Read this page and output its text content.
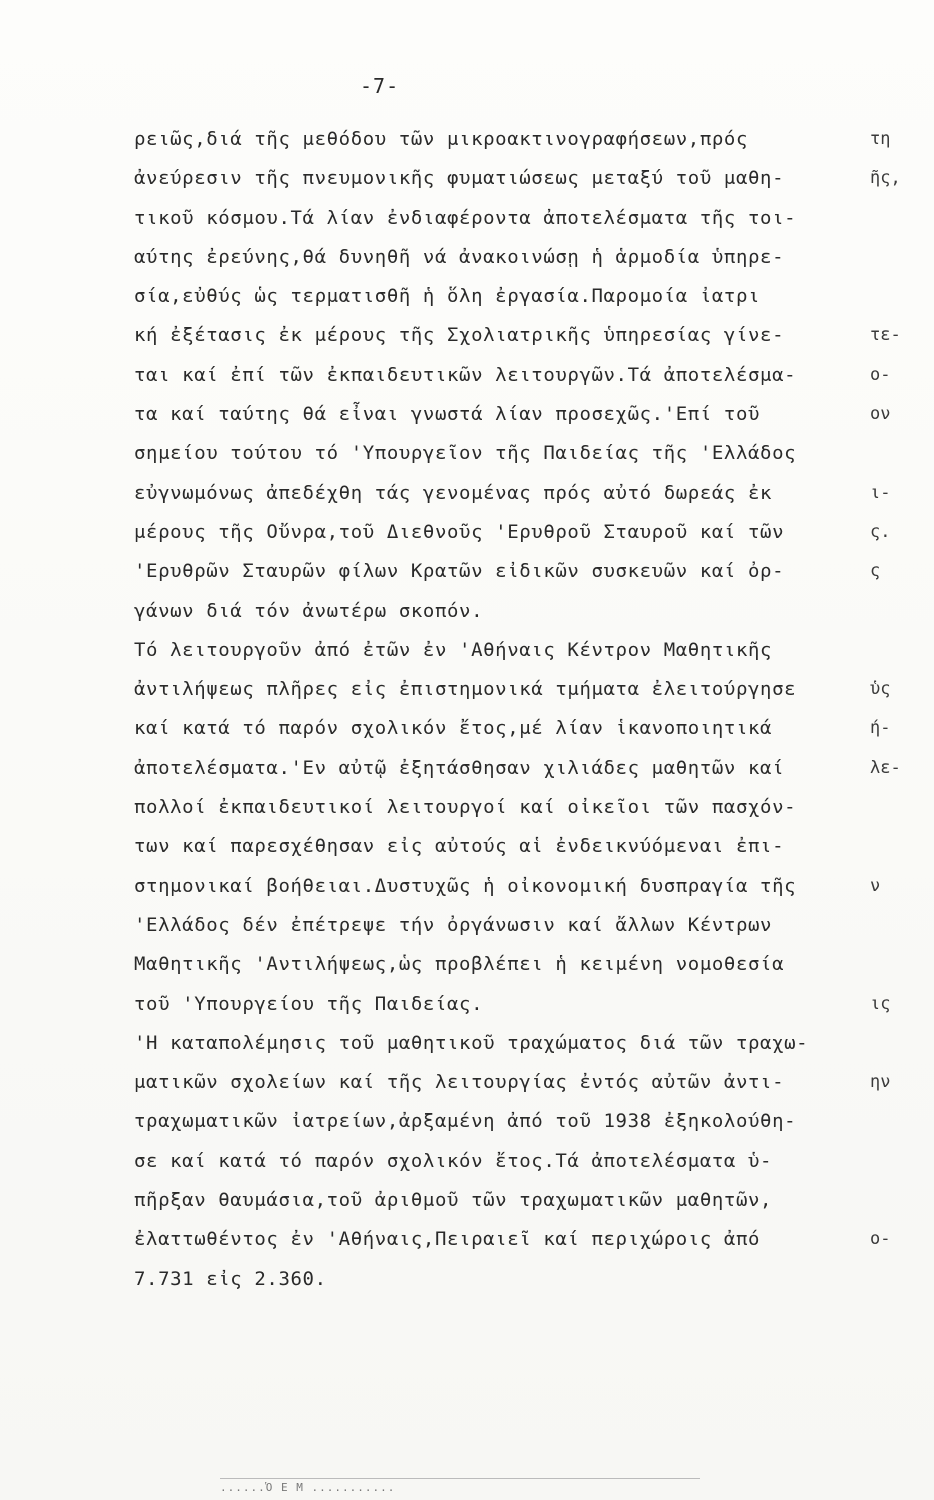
-7-
ρειῶς,διά τῆς μεθόδου τῶν μικροακτινογραφήσεων,πρός
ἀνεύρεσιν τῆς πνευμονικῆς φυματιώσεως μεταξύ τοῦ μαθη-
τικοῦ κόσμου.Τά λίαν ἐνδιαφέροντα ἀποτελέσματα τῆς τοι-
αύτης ἐρεύνης,θά δυνηθῆ νά ἀνακοινώσῃ ἡ ἁρμοδία ὑπηρε-
σία,εὐθύς ὡς τερματισθῆ ἡ ὅλη ἐργασία.Παρομοία ἰατρι
κή ἐξέτασις ἐκ μέρους τῆς Σχολιατρικῆς ὑπηρεσίας γίνε-
ται καί ἐπί τῶν ἐκπαιδευτικῶν λειτουργῶν.Τά ἀποτελέσμα-
τα καί ταύτης θά εἶναι γνωστά λίαν προσεχῶς.'Επί τοῦ
σημείου τούτου τό 'Υπουργεῖον τῆς Παιδείας τῆς 'Ελλάδος
εὐγνωμόνως ἀπεδέχθη τάς γενομένας πρός αὐτό δωρεάς ἐκ
μέρους τῆς Οὔνρα,τοῦ Διεθνοῦς 'Ερυθροῦ Σταυροῦ καί τῶν
'Ερυθρῶν Σταυρῶν φίλων Κρατῶν εἰδικῶν συσκευῶν καί ὀρ-
γάνων διά τόν ἀνωτέρω σκοπόν.
Τό λειτουργοῦν ἀπό ἐτῶν ἐν 'Αθήναις Κέντρον Μαθητικῆς
ἀντιλήψεως πλῆρες εἰς ἐπιστημονικά τμήματα ἐλειτούργησε
καί κατά τό παρόν σχολικόν ἔτος,μέ λίαν ἱκανοποιητικά
ἀποτελέσματα.'Εν αὐτῷ ἐξητάσθησαν χιλιάδες μαθητῶν καί
πολλοί ἐκπαιδευτικοί λειτουργοί καί οἰκεῖοι τῶν πασχόν-
των καί παρεσχέθησαν εἰς αὐτούς αἱ ἐνδεικνύόμεναι ἐπι-
στημονικαί βοήθειαι.Δυστυχῶς ἡ οἰκονομική δυσπραγία τῆς
'Ελλάδος δέν ἐπέτρεψε τήν ὀργάνωσιν καί ἄλλων Κέντρων
Μαθητικῆς 'Αντιλήψεως,ὡς προβλέπει ἡ κειμένη νομοθεσία
τοῦ 'Υπουργείου τῆς Παιδείας.
'Η καταπολέμησις τοῦ μαθητικοῦ τραχώματος διά τῶν τραχω-
ματικῶν σχολείων καί τῆς λειτουργίας ἐντός αὐτῶν ἀντι-
τραχωματικῶν ἰατρείων,ἀρξαμένη ἀπό τοῦ 1938 ἐξηκολούθη-
σε καί κατά τό παρόν σχολικόν ἔτος.Τά ἀποτελέσματα ὑ-
πῆρξαν θαυμάσια,τοῦ ἀριθμοῦ τῶν τραχωματικῶν μαθητῶν,
ἐλαττωθέντος ἐν 'Αθήναις,Πειραιεῖ καί περιχώροις ἀπό
7.731 εἰς 2.360.
τη
ῆς,
τε-
ο-
ον
ι-
ς.
ς
ὑς
ή-
λε-
ν
ις
ην
ο-
......Ὁ Ε Μ ...........
